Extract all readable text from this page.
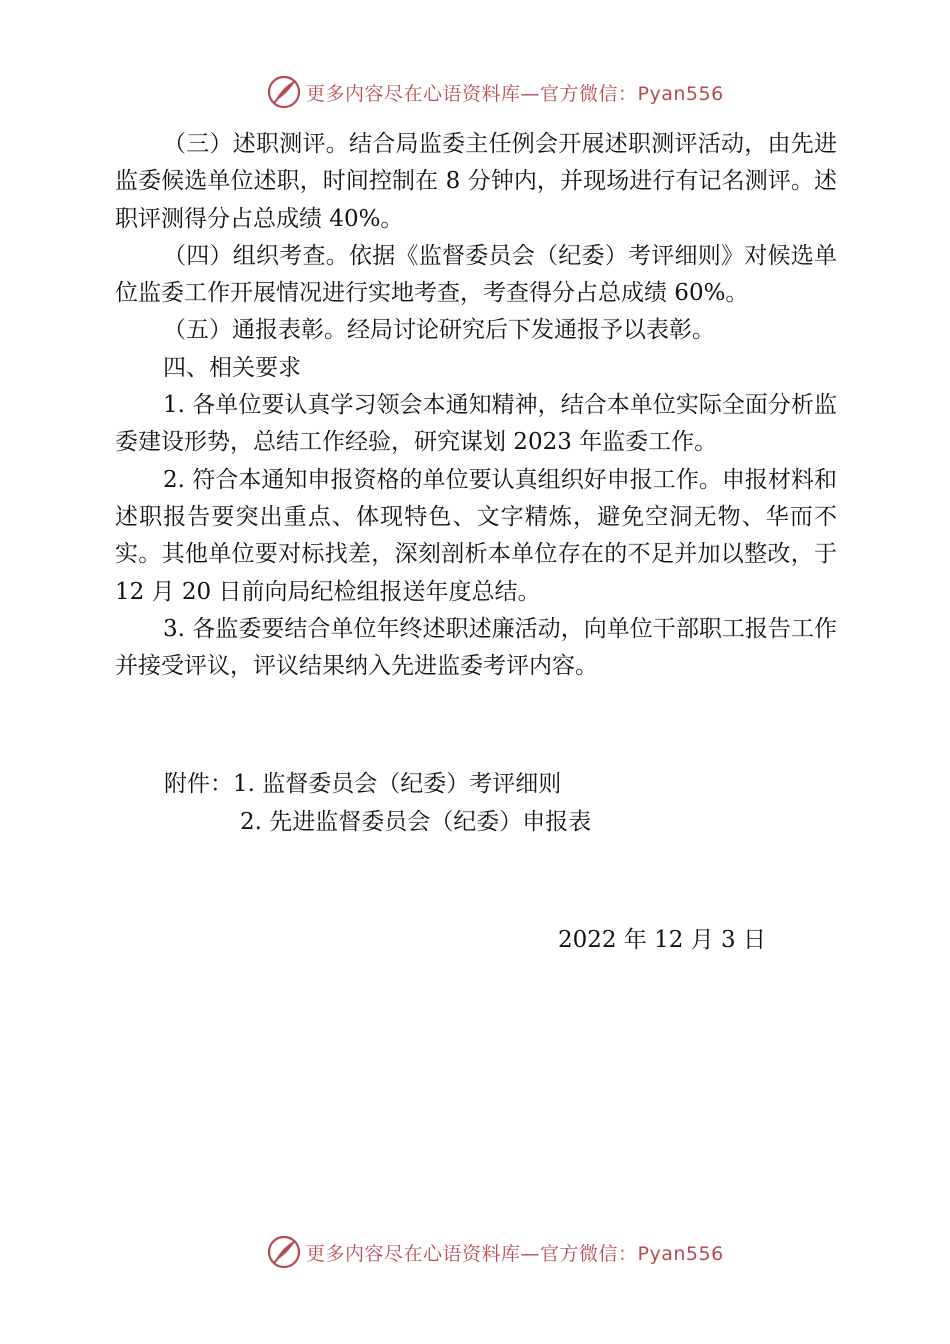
更多内容尽在心语资料库—官方微信：Pyan556

（三）述职测评。结合局监委主任例会开展述职测评活动，由先进监委候选单位述职，时间控制在 8 分钟内，并现场进行有记名测评。述职评测得分占总成绩 40%。

（四）组织考查。依据《监督委员会（纪委）考评细则》对候选单位监委工作开展情况进行实地考查，考查得分占总成绩 60%。

（五）通报表彰。经局讨论研究后下发通报予以表彰。

四、相关要求

1. 各单位要认真学习领会本通知精神，结合本单位实际全面分析监委建设形势，总结工作经验，研究谋划 2023 年监委工作。

2. 符合本通知申报资格的单位要认真组织好申报工作。申报材料和述职报告要突出重点、体现特色、文字精炼，避免空洞无物、华而不实。其他单位要对标找差，深刻剖析本单位存在的不足并加以整改，于 12 月 20 日前向局纪检组报送年度总结。

3. 各监委要结合单位年终述职述廉活动，向单位干部职工报告工作并接受评议，评议结果纳入先进监委考评内容。

附件：1. 监督委员会（纪委）考评细则
2. 先进监督委员会（纪委）申报表
2022 年 12 月 3 日
更多内容尽在心语资料库—官方微信：Pyan556
